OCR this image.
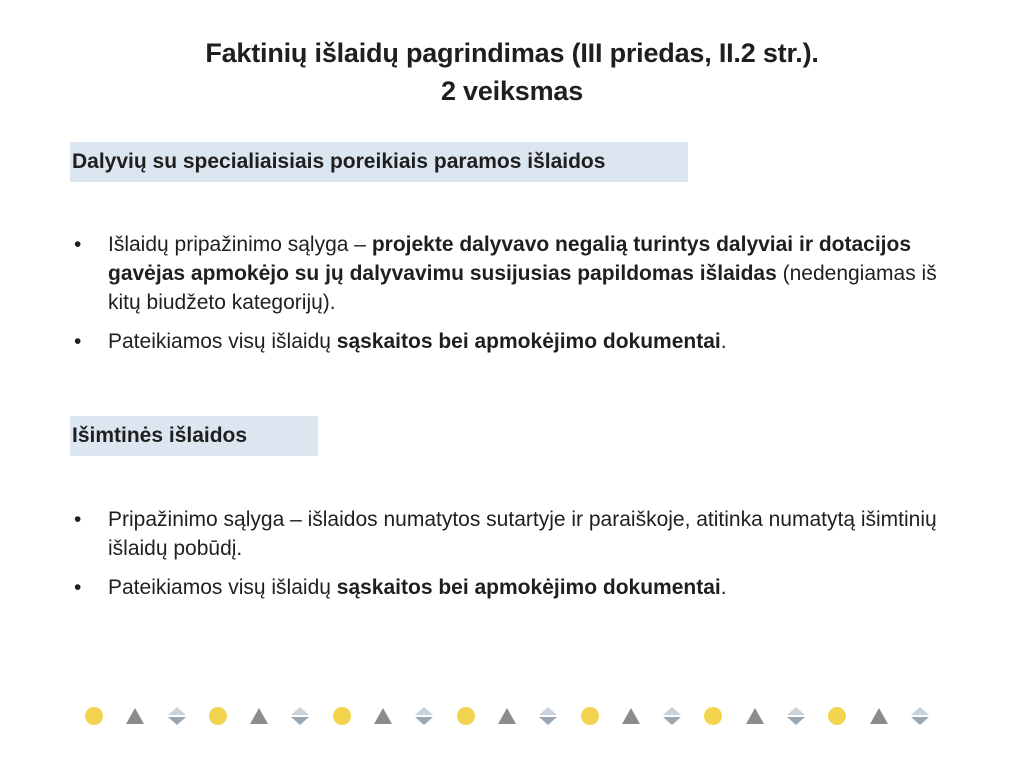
Faktinių išlaidų pagrindimas (III priedas, II.2 str.).
2 veiksmas
Dalyvių su specialiaisiais poreikiais paramos išlaidos
• Išlaidų pripažinimo sąlyga – projekte dalyvavo negalią turintys dalyviai ir dotacijos gavėjas apmokėjo su jų dalyvavimu susijusias papildomas išlaidas (nedengiamas iš kitų biudžeto kategorijų).
• Pateikiamos visų išlaidų sąskaitos bei apmokėjimo dokumentai.
Išimtinės išlaidos
• Pripažinimo sąlyga – išlaidos numatytos sutartyje ir paraiškoje, atitinka numatytą išimtinių išlaidų pobūdį.
• Pateikiamos visų išlaidų sąskaitos bei apmokėjimo dokumentai.
